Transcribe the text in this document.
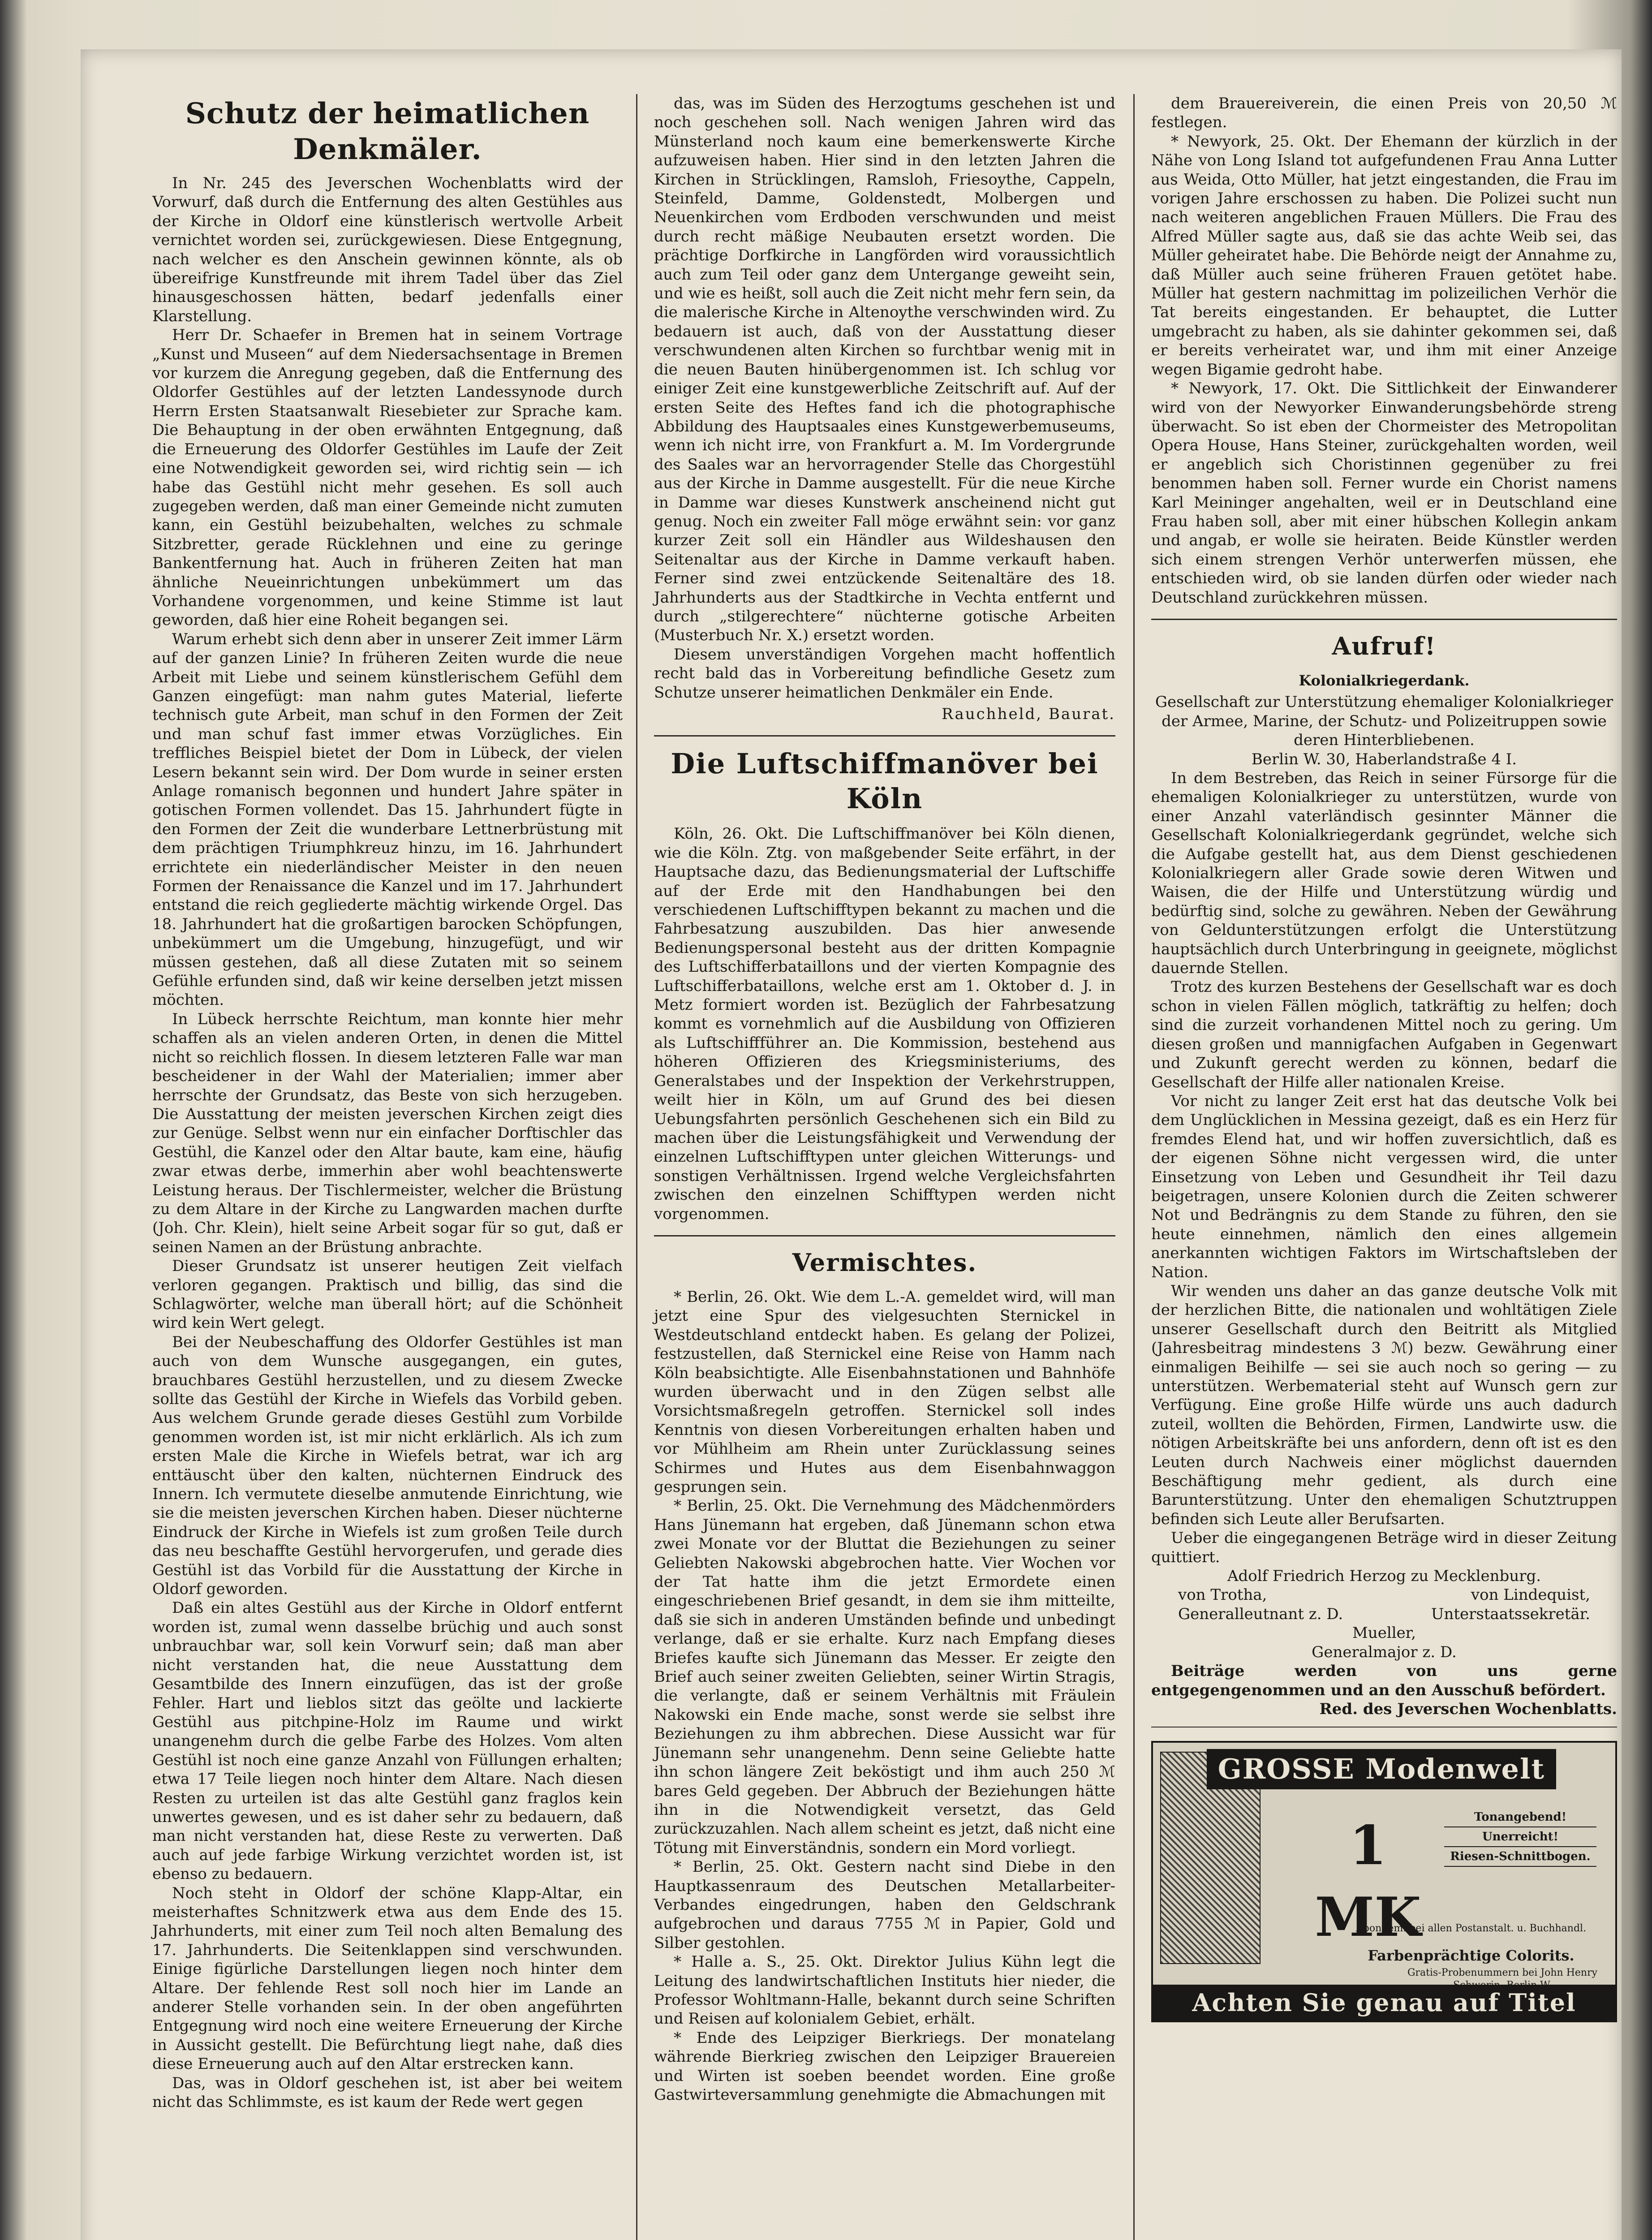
Schutz der heimatlichen Denkmäler.

In Nr. 245 des Jeverschen Wochenblatts wird der Vorwurf, daß durch die Entfernung des alten Gestühles aus der Kirche in Oldorf eine künstlerisch wertvolle Arbeit vernichtet worden sei, zurückgewiesen. Diese Entgegnung, nach welcher es den Anschein gewinnen könnte, als ob übereifrige Kunstfreunde mit ihrem Tadel über das Ziel hinausgeschossen hätten, bedarf jedenfalls einer Klarstellung.

Herr Dr. Schaefer in Bremen hat in seinem Vortrage „Kunst und Museen“ auf dem Niedersachsentage in Bremen vor kurzem die Anregung gegeben, daß die Entfernung des Oldorfer Gestühles auf der letzten Landessynode durch Herrn Ersten Staatsanwalt Riesebieter zur Sprache kam. Die Behauptung in der oben erwähnten Entgegnung, daß die Erneuerung des Oldorfer Gestühles im Laufe der Zeit eine Notwendigkeit geworden sei, wird richtig sein — ich habe das Gestühl nicht mehr gesehen. Es soll auch zugegeben werden, daß man einer Gemeinde nicht zumuten kann, ein Gestühl beizubehalten, welches zu schmale Sitzbretter, gerade Rücklehnen und eine zu geringe Bankentfernung hat. Auch in früheren Zeiten hat man ähnliche Neueinrichtungen unbekümmert um das Vorhandene vorgenommen, und keine Stimme ist laut geworden, daß hier eine Roheit begangen sei.

Warum erhebt sich denn aber in unserer Zeit immer Lärm auf der ganzen Linie? In früheren Zeiten wurde die neue Arbeit mit Liebe und seinem künstlerischem Gefühl dem Ganzen eingefügt: man nahm gutes Material, lieferte technisch gute Arbeit, man schuf in den Formen der Zeit und man schuf fast immer etwas Vorzügliches. Ein treffliches Beispiel bietet der Dom in Lübeck, der vielen Lesern bekannt sein wird. Der Dom wurde in seiner ersten Anlage romanisch begonnen und hundert Jahre später in gotischen Formen vollendet. Das 15. Jahrhundert fügte in den Formen der Zeit die wunderbare Lettnerbrüstung mit dem prächtigen Triumphkreuz hinzu, im 16. Jahrhundert errichtete ein niederländischer Meister in den neuen Formen der Renaissance die Kanzel und im 17. Jahrhundert entstand die reich gegliederte mächtig wirkende Orgel. Das 18. Jahrhundert hat die großartigen barocken Schöpfungen, unbekümmert um die Umgebung, hinzugefügt, und wir müssen gestehen, daß all diese Zutaten mit so seinem Gefühle erfunden sind, daß wir keine derselben jetzt missen möchten.

In Lübeck herrschte Reichtum, man konnte hier mehr schaffen als an vielen anderen Orten, in denen die Mittel nicht so reichlich flossen. In diesem letzteren Falle war man bescheidener in der Wahl der Materialien; immer aber herrschte der Grundsatz, das Beste von sich herzugeben. Die Ausstattung der meisten jeverschen Kirchen zeigt dies zur Genüge. Selbst wenn nur ein einfacher Dorftischler das Gestühl, die Kanzel oder den Altar baute, kam eine, häufig zwar etwas derbe, immerhin aber wohl beachtenswerte Leistung heraus. Der Tischlermeister, welcher die Brüstung zu dem Altare in der Kirche zu Langwarden machen durfte (Joh. Chr. Klein), hielt seine Arbeit sogar für so gut, daß er seinen Namen an der Brüstung anbrachte.

Dieser Grundsatz ist unserer heutigen Zeit vielfach verloren gegangen. Praktisch und billig, das sind die Schlagwörter, welche man überall hört; auf die Schönheit wird kein Wert gelegt.

Bei der Neubeschaffung des Oldorfer Gestühles ist man auch von dem Wunsche ausgegangen, ein gutes, brauchbares Gestühl herzustellen, und zu diesem Zwecke sollte das Gestühl der Kirche in Wiefels das Vorbild geben. Aus welchem Grunde gerade dieses Gestühl zum Vorbilde genommen worden ist, ist mir nicht erklärlich. Als ich zum ersten Male die Kirche in Wiefels betrat, war ich arg enttäuscht über den kalten, nüchternen Eindruck des Innern. Ich vermutete dieselbe anmutende Einrichtung, wie sie die meisten jeverschen Kirchen haben. Dieser nüchterne Eindruck der Kirche in Wiefels ist zum großen Teile durch das neu beschaffte Gestühl hervorgerufen, und gerade dies Gestühl ist das Vorbild für die Ausstattung der Kirche in Oldorf geworden.

Daß ein altes Gestühl aus der Kirche in Oldorf entfernt worden ist, zumal wenn dasselbe brüchig und auch sonst unbrauchbar war, soll kein Vorwurf sein; daß man aber nicht verstanden hat, die neue Ausstattung dem Gesamtbilde des Innern einzufügen, das ist der große Fehler. Hart und lieblos sitzt das geölte und lackierte Gestühl aus pitchpine-Holz im Raume und wirkt unangenehm durch die gelbe Farbe des Holzes. Vom alten Gestühl ist noch eine ganze Anzahl von Füllungen erhalten; etwa 17 Teile liegen noch hinter dem Altare. Nach diesen Resten zu urteilen ist das alte Gestühl ganz fraglos kein unwertes gewesen, und es ist daher sehr zu bedauern, daß man nicht verstanden hat, diese Reste zu verwerten. Daß auch auf jede farbige Wirkung verzichtet worden ist, ist ebenso zu bedauern.

Noch steht in Oldorf der schöne Klapp-Altar, ein meisterhaftes Schnitzwerk etwa aus dem Ende des 15. Jahrhunderts, mit einer zum Teil noch alten Bemalung des 17. Jahrhunderts. Die Seitenklappen sind verschwunden. Einige figürliche Darstellungen liegen noch hinter dem Altare. Der fehlende Rest soll noch hier im Lande an anderer Stelle vorhanden sein. In der oben angeführten Entgegnung wird noch eine weitere Erneuerung der Kirche in Aussicht gestellt. Die Befürchtung liegt nahe, daß dies diese Erneuerung auch auf den Altar erstrecken kann.

Das, was in Oldorf geschehen ist, ist aber bei weitem nicht das Schlimmste, es ist kaum der Rede wert gegen

das, was im Süden des Herzogtums geschehen ist und noch geschehen soll. Nach wenigen Jahren wird das Münsterland noch kaum eine bemerkenswerte Kirche aufzuweisen haben. Hier sind in den letzten Jahren die Kirchen in Strücklingen, Ramsloh, Friesoythe, Cappeln, Steinfeld, Damme, Goldenstedt, Molbergen und Neuenkirchen vom Erdboden verschwunden und meist durch recht mäßige Neubauten ersetzt worden. Die prächtige Dorfkirche in Langförden wird voraussichtlich auch zum Teil oder ganz dem Untergange geweiht sein, und wie es heißt, soll auch die Zeit nicht mehr fern sein, da die malerische Kirche in Altenoythe verschwinden wird. Zu bedauern ist auch, daß von der Ausstattung dieser verschwundenen alten Kirchen so furchtbar wenig mit in die neuen Bauten hinübergenommen ist. Ich schlug vor einiger Zeit eine kunstgewerbliche Zeitschrift auf. Auf der ersten Seite des Heftes fand ich die photographische Abbildung des Hauptsaales eines Kunstgewerbemuseums, wenn ich nicht irre, von Frankfurt a. M. Im Vordergrunde des Saales war an hervorragender Stelle das Chorgestühl aus der Kirche in Damme ausgestellt. Für die neue Kirche in Damme war dieses Kunstwerk anscheinend nicht gut genug. Noch ein zweiter Fall möge erwähnt sein: vor ganz kurzer Zeit soll ein Händler aus Wildeshausen den Seitenaltar aus der Kirche in Damme verkauft haben. Ferner sind zwei entzückende Seitenaltäre des 18. Jahrhunderts aus der Stadtkirche in Vechta entfernt und durch „stilgerechtere“ nüchterne gotische Arbeiten (Musterbuch Nr. X.) ersetzt worden.

Diesem unverständigen Vorgehen macht hoffentlich recht bald das in Vorbereitung befindliche Gesetz zum Schutze unserer heimatlichen Denkmäler ein Ende.

Rauchheld, Baurat.
Die Luftschiffmanöver bei Köln

Köln, 26. Okt. Die Luftschiffmanöver bei Köln dienen, wie die Köln. Ztg. von maßgebender Seite erfährt, in der Hauptsache dazu, das Bedienungsmaterial der Luftschiffe auf der Erde mit den Handhabungen bei den verschiedenen Luftschifftypen bekannt zu machen und die Fahrbesatzung auszubilden. Das hier anwesende Bedienungspersonal besteht aus der dritten Kompagnie des Luftschifferbataillons und der vierten Kompagnie des Luftschifferbataillons, welche erst am 1. Oktober d. J. in Metz formiert worden ist. Bezüglich der Fahrbesatzung kommt es vornehmlich auf die Ausbildung von Offizieren als Luftschiffführer an. Die Kommission, bestehend aus höheren Offizieren des Kriegsministeriums, des Generalstabes und der Inspektion der Verkehrstruppen, weilt hier in Köln, um auf Grund des bei diesen Uebungsfahrten persönlich Geschehenen sich ein Bild zu machen über die Leistungsfähigkeit und Verwendung der einzelnen Luftschifftypen unter gleichen Witterungs- und sonstigen Verhältnissen. Irgend welche Vergleichsfahrten zwischen den einzelnen Schifftypen werden nicht vorgenommen.

Vermischtes.

* Berlin, 26. Okt. Wie dem L.-A. gemeldet wird, will man jetzt eine Spur des vielgesuchten Sternickel in Westdeutschland entdeckt haben. Es gelang der Polizei, festzustellen, daß Sternickel eine Reise von Hamm nach Köln beabsichtigte. Alle Eisenbahnstationen und Bahnhöfe wurden überwacht und in den Zügen selbst alle Vorsichtsmaßregeln getroffen. Sternickel soll indes Kenntnis von diesen Vorbereitungen erhalten haben und vor Mühlheim am Rhein unter Zurücklassung seines Schirmes und Hutes aus dem Eisenbahnwaggon gesprungen sein.

* Berlin, 25. Okt. Die Vernehmung des Mädchenmörders Hans Jünemann hat ergeben, daß Jünemann schon etwa zwei Monate vor der Bluttat die Beziehungen zu seiner Geliebten Nakowski abgebrochen hatte. Vier Wochen vor der Tat hatte ihm die jetzt Ermordete einen eingeschriebenen Brief gesandt, in dem sie ihm mitteilte, daß sie sich in anderen Umständen befinde und unbedingt verlange, daß er sie erhalte. Kurz nach Empfang dieses Briefes kaufte sich Jünemann das Messer. Er zeigte den Brief auch seiner zweiten Geliebten, seiner Wirtin Stragis, die verlangte, daß er seinem Verhältnis mit Fräulein Nakowski ein Ende mache, sonst werde sie selbst ihre Beziehungen zu ihm abbrechen. Diese Aussicht war für Jünemann sehr unangenehm. Denn seine Geliebte hatte ihn schon längere Zeit beköstigt und ihm auch 250 ℳ bares Geld gegeben. Der Abbruch der Beziehungen hätte ihn in die Notwendigkeit versetzt, das Geld zurückzuzahlen. Nach allem scheint es jetzt, daß nicht eine Tötung mit Einverständnis, sondern ein Mord vorliegt.

* Berlin, 25. Okt. Gestern nacht sind Diebe in den Hauptkassenraum des Deutschen Metallarbeiter-Verbandes eingedrungen, haben den Geldschrank aufgebrochen und daraus 7755 ℳ in Papier, Gold und Silber gestohlen.

* Halle a. S., 25. Okt. Direktor Julius Kühn legt die Leitung des landwirtschaftlichen Instituts hier nieder, die Professor Wohltmann-Halle, bekannt durch seine Schriften und Reisen auf kolonialem Gebiet, erhält.

* Ende des Leipziger Bierkriegs. Der monatelang währende Bierkrieg zwischen den Leipziger Brauereien und Wirten ist soeben beendet worden. Eine große Gastwirteversammlung genehmigte die Abmachungen mit

dem Brauereiverein, die einen Preis von 20,50 ℳ festlegen.

* Newyork, 25. Okt. Der Ehemann der kürzlich in der Nähe von Long Island tot aufgefundenen Frau Anna Lutter aus Weida, Otto Müller, hat jetzt eingestanden, die Frau im vorigen Jahre erschossen zu haben. Die Polizei sucht nun nach weiteren angeblichen Frauen Müllers. Die Frau des Alfred Müller sagte aus, daß sie das achte Weib sei, das Müller geheiratet habe. Die Behörde neigt der Annahme zu, daß Müller auch seine früheren Frauen getötet habe. Müller hat gestern nachmittag im polizeilichen Verhör die Tat bereits eingestanden. Er behauptet, die Lutter umgebracht zu haben, als sie dahinter gekommen sei, daß er bereits verheiratet war, und ihm mit einer Anzeige wegen Bigamie gedroht habe.

* Newyork, 17. Okt. Die Sittlichkeit der Einwanderer wird von der Newyorker Einwanderungsbehörde streng überwacht. So ist eben der Chormeister des Metropolitan Opera House, Hans Steiner, zurückgehalten worden, weil er angeblich sich Choristinnen gegenüber zu frei benommen haben soll. Ferner wurde ein Chorist namens Karl Meininger angehalten, weil er in Deutschland eine Frau haben soll, aber mit einer hübschen Kollegin ankam und angab, er wolle sie heiraten. Beide Künstler werden sich einem strengen Verhör unterwerfen müssen, ehe entschieden wird, ob sie landen dürfen oder wieder nach Deutschland zurückkehren müssen.

Aufruf!
Kolonialkriegerdank.
Gesellschaft zur Unterstützung ehemaliger Kolonialkrieger der Armee, Marine, der Schutz- und Polizeitruppen sowie deren Hinterbliebenen.
Berlin W. 30, Haberlandstraße 4 I.

In dem Bestreben, das Reich in seiner Fürsorge für die ehemaligen Kolonialkrieger zu unterstützen, wurde von einer Anzahl vaterländisch gesinnter Männer die Gesellschaft Kolonialkriegerdank gegründet, welche sich die Aufgabe gestellt hat, aus dem Dienst geschiedenen Kolonialkriegern aller Grade sowie deren Witwen und Waisen, die der Hilfe und Unterstützung würdig und bedürftig sind, solche zu gewähren. Neben der Gewährung von Geldunterstützungen erfolgt die Unterstützung hauptsächlich durch Unterbringung in geeignete, möglichst dauernde Stellen.

Trotz des kurzen Bestehens der Gesellschaft war es doch schon in vielen Fällen möglich, tatkräftig zu helfen; doch sind die zurzeit vorhandenen Mittel noch zu gering. Um diesen großen und mannigfachen Aufgaben in Gegenwart und Zukunft gerecht werden zu können, bedarf die Gesellschaft der Hilfe aller nationalen Kreise.

Vor nicht zu langer Zeit erst hat das deutsche Volk bei dem Unglücklichen in Messina gezeigt, daß es ein Herz für fremdes Elend hat, und wir hoffen zuversichtlich, daß es der eigenen Söhne nicht vergessen wird, die unter Einsetzung von Leben und Gesundheit ihr Teil dazu beigetragen, unsere Kolonien durch die Zeiten schwerer Not und Bedrängnis zu dem Stande zu führen, den sie heute einnehmen, nämlich den eines allgemein anerkannten wichtigen Faktors im Wirtschaftsleben der Nation.

Wir wenden uns daher an das ganze deutsche Volk mit der herzlichen Bitte, die nationalen und wohltätigen Ziele unserer Gesellschaft durch den Beitritt als Mitglied (Jahresbeitrag mindestens 3 ℳ) bezw. Gewährung einer einmaligen Beihilfe — sei sie auch noch so gering — zu unterstützen. Werbematerial steht auf Wunsch gern zur Verfügung. Eine große Hilfe würde uns auch dadurch zuteil, wollten die Behörden, Firmen, Landwirte usw. die nötigen Arbeitskräfte bei uns anfordern, denn oft ist es den Leuten durch Nachweis einer möglichst dauernden Beschäftigung mehr gedient, als durch eine Barunterstützung. Unter den ehemaligen Schutztruppen befinden sich Leute aller Berufsarten.

Ueber die eingegangenen Beträge wird in dieser Zeitung quittiert.

Adolf Friedrich Herzog zu Mecklenburg.
von Trotha,	von Lindequist,
Generalleutnant z. D.	Unterstaatssekretär.
Mueller,
Generalmajor z. D.
Beiträge werden von uns gerne entgegengenommen und an den Ausschuß befördert.
Red. des Jeverschen Wochenblatts.
GROSSE Modenwelt
1 MK
Tonangebend!
Unerreicht!
Riesen-Schnittbogen.
Abonnem. bei allen Postanstalt. u. Buchhandl.
Farbenprächtige Colorits.
Gratis-Probenummern bei John Henry
Achten Sie genau auf Titel
